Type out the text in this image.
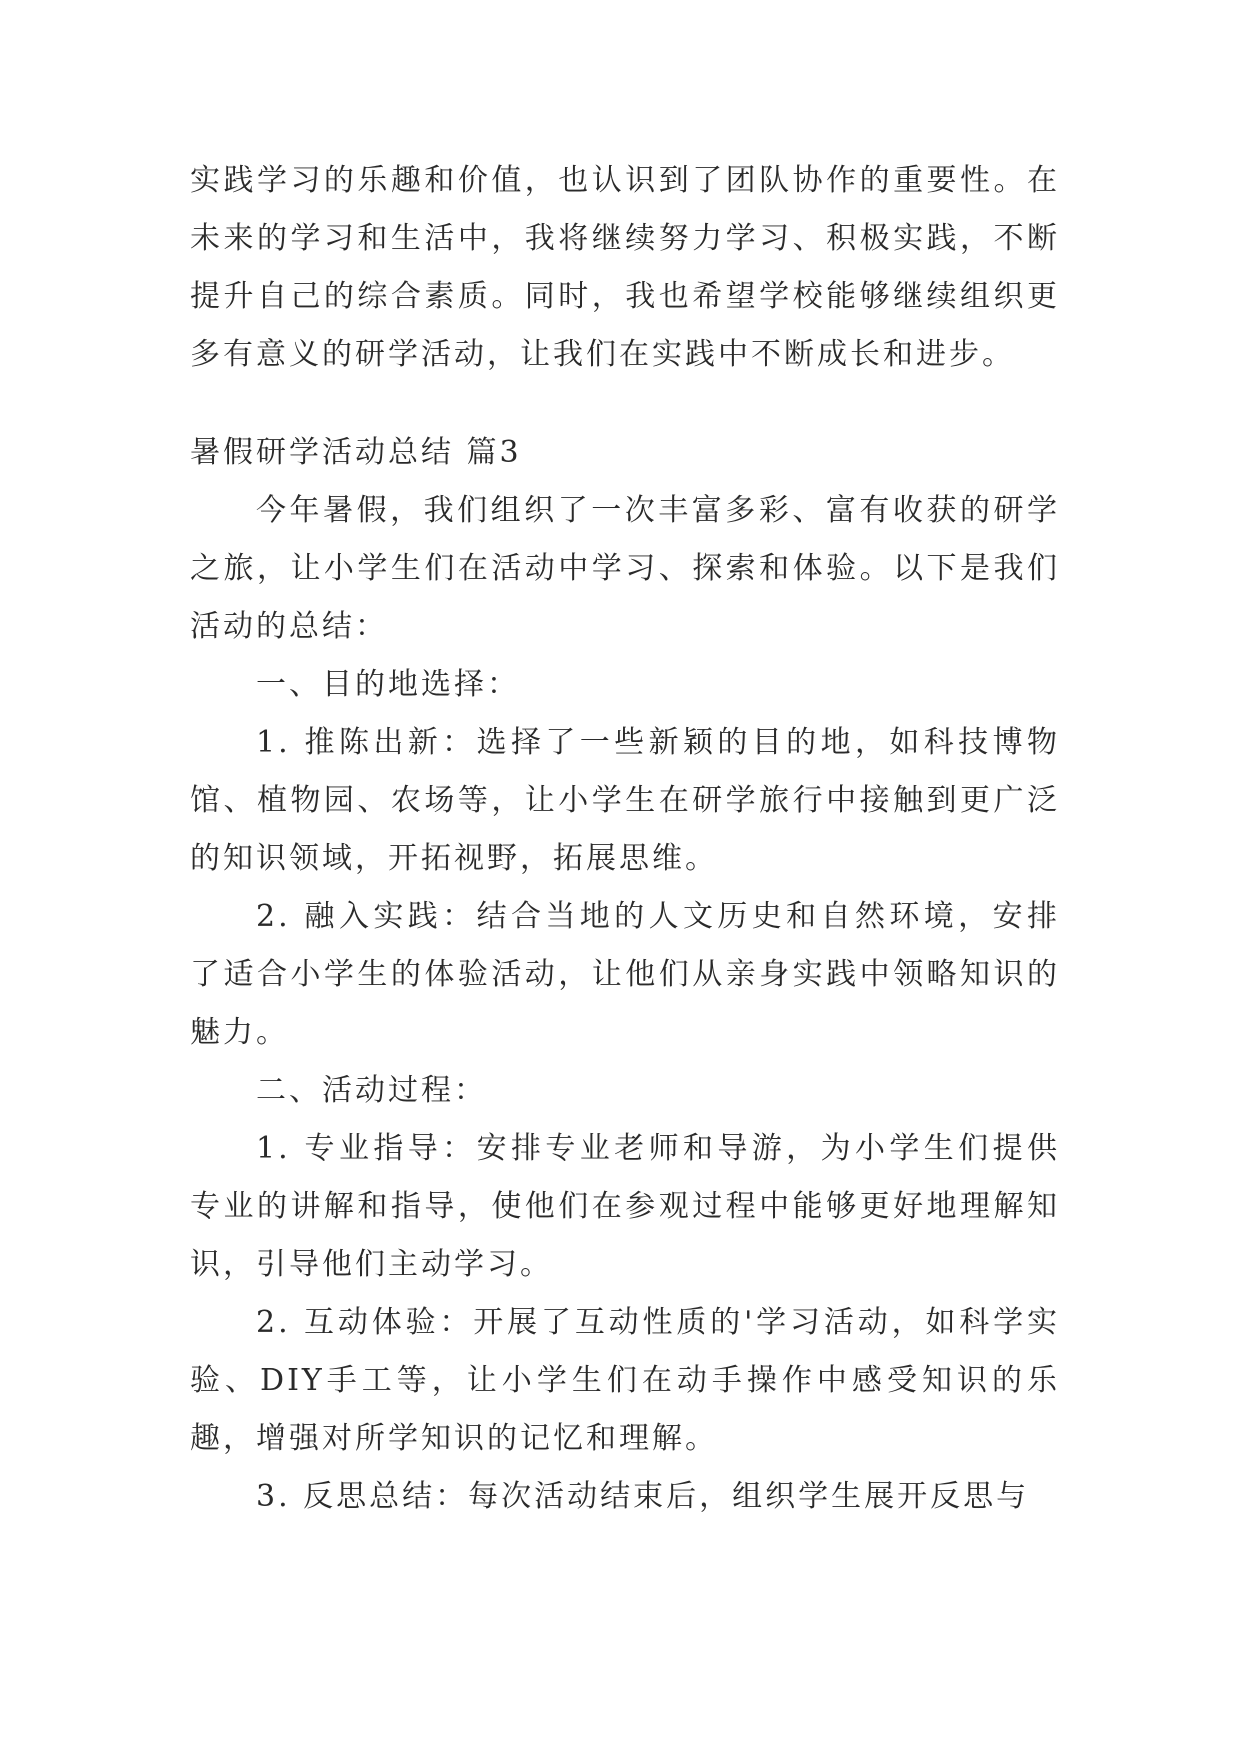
实践学习的乐趣和价值，也认识到了团队协作的重要性。在未来的学习和生活中，我将继续努力学习、积极实践，不断提升自己的综合素质。同时，我也希望学校能够继续组织更多有意义的研学活动，让我们在实践中不断成长和进步。

暑假研学活动总结 篇3

今年暑假，我们组织了一次丰富多彩、富有收获的研学之旅，让小学生们在活动中学习、探索和体验。以下是我们活动的总结：

一、目的地选择：

1. 推陈出新：选择了一些新颖的目的地，如科技博物馆、植物园、农场等，让小学生在研学旅行中接触到更广泛的知识领域，开拓视野，拓展思维。

2. 融入实践：结合当地的人文历史和自然环境，安排了适合小学生的体验活动，让他们从亲身实践中领略知识的魅力。

二、活动过程：

1. 专业指导：安排专业老师和导游，为小学生们提供专业的讲解和指导，使他们在参观过程中能够更好地理解知识，引导他们主动学习。

2. 互动体验：开展了互动性质的'学习活动，如科学实验、DIY手工等，让小学生们在动手操作中感受知识的乐趣，增强对所学知识的记忆和理解。

3. 反思总结：每次活动结束后，组织学生展开反思与
